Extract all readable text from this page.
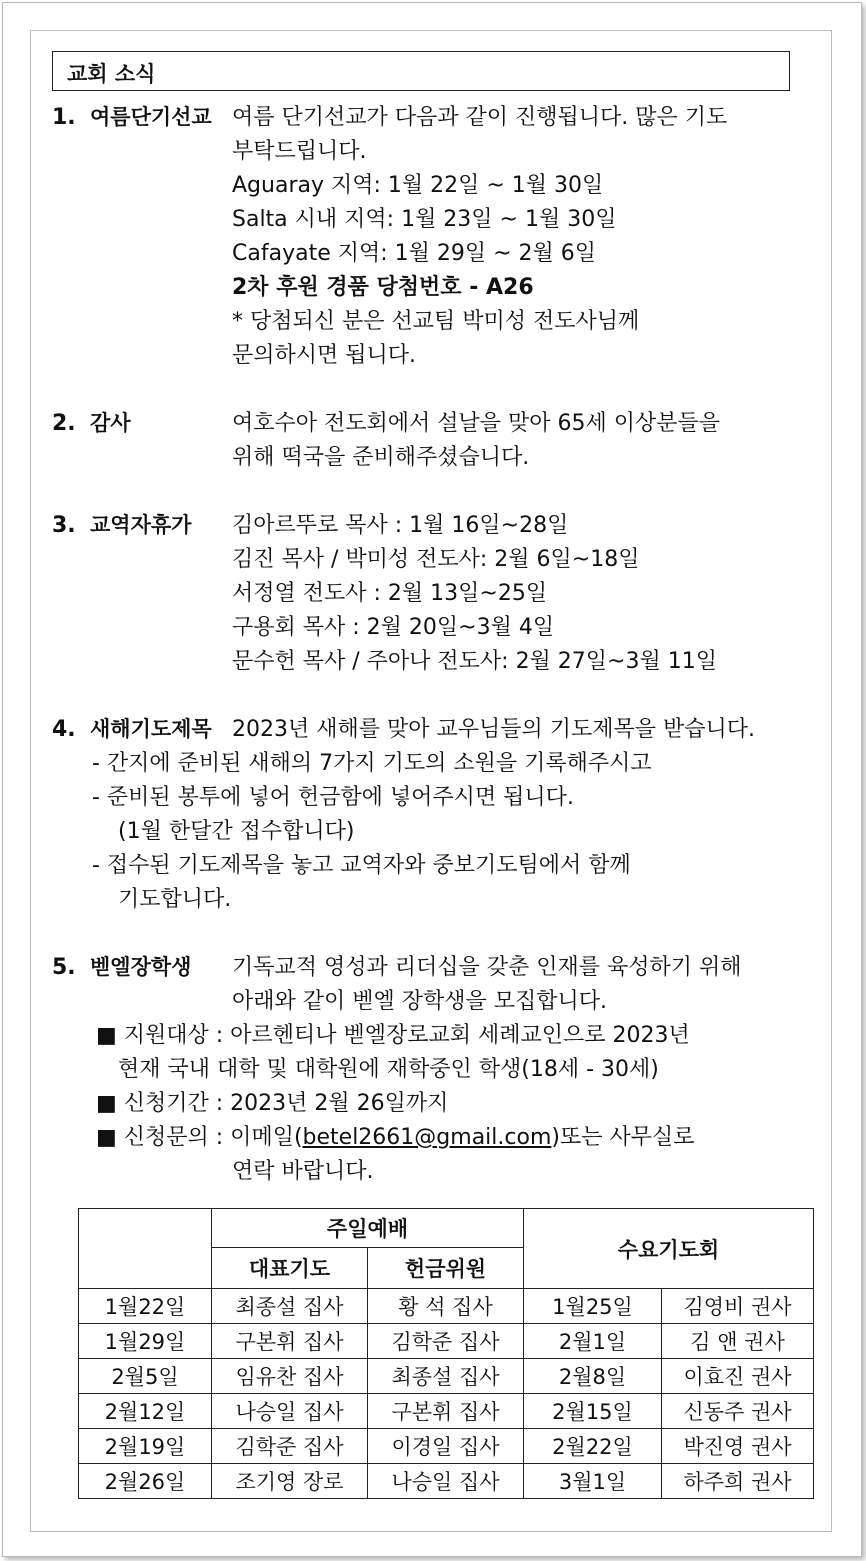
교회 소식
1. 여름단기선교 여름 단기선교가 다음과 같이 진행됩니다. 많은 기도
부탁드립니다.
Aguaray 지역: 1월 22일 ~ 1월 30일
Salta 시내 지역: 1월 23일 ~ 1월 30일
Cafayate 지역: 1월 29일 ~ 2월 6일
2차 후원 경품 당첨번호 - A26
* 당첨되신 분은 선교팀 박미성 전도사님께
문의하시면 됩니다.
2. 감사	여호수아 전도회에서 설날을 맞아 65세 이상분들을
위해 떡국을 준비해주셨습니다.
3. 교역자휴가 김아르뚜로 목사 : 1월 16일~28일
김진 목사 / 박미성 전도사: 2월 6일~18일
서정열 전도사 : 2월 13일~25일
구용회 목사 : 2월 20일~3월 4일
문수헌 목사 / 주아나 전도사: 2월 27일~3월 11일
4. 새해기도제목 2023년 새해를 맞아 교우님들의 기도제목을 받습니다.
- 간지에 준비된 새해의 7가지 기도의 소원을 기록해주시고
- 준비된 봉투에 넣어 헌금함에 넣어주시면 됩니다.
(1월 한달간 접수합니다)
- 접수된 기도제목을 놓고 교역자와 중보기도팀에서 함께
기도합니다.
5. 벧엘장학생 기독교적 영성과 리더십을 갖춘 인재를 육성하기 위해
아래와 같이 벧엘 장학생을 모집합니다.
■ 지원대상 : 아르헨티나 벧엘장로교회 세례교인으로 2023년
현재 국내 대학 및 대학원에 재학중인 학생(18세 - 30세)
■ 신청기간 : 2023년 2월 26일까지
■ 신청문의 : 이메일(betel2661@gmail.com)또는 사무실로
연락 바랍니다.
	주일예배		수요기도회	
	대표기도	헌금위원		
1월22일	최종설 집사	황 석 집사	1월25일	김영비 권사
1월29일	구본휘 집사	김학준 집사	2월1일	김 앤 권사
2월5일	임유찬 집사	최종설 집사	2월8일	이효진 권사
2월12일	나승일 집사	구본휘 집사	2월15일	신동주 권사
2월19일	김학준 집사	이경일 집사	2월22일	박진영 권사
2월26일	조기영 장로	나승일 집사	3월1일	하주희 권사
